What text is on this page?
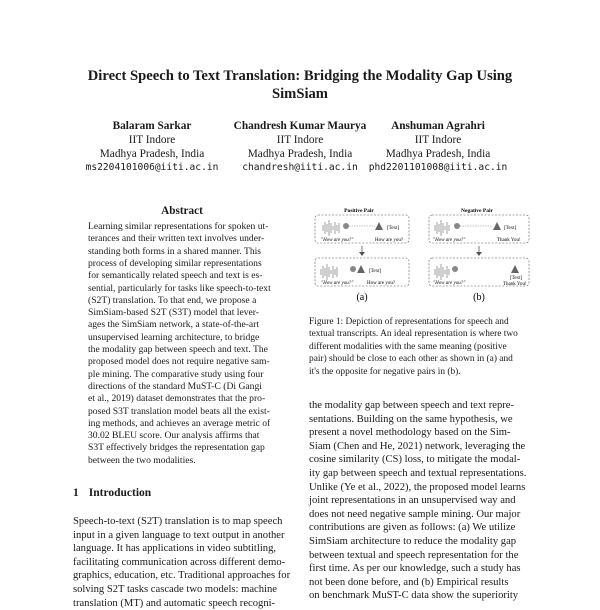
Direct Speech to Text Translation: Bridging the Modality Gap Using
SimSiam
Balaram Sarkar
IIT Indore
Madhya Pradesh, India
ms2204101006@iiti.ac.in
Chandresh Kumar Maurya
IIT Indore
Madhya Pradesh, India
chandresh@iiti.ac.in
Anshuman Agrahri
IIT Indore
Madhya Pradesh, India
phd2201101008@iiti.ac.in
Abstract
Learning similar representations for spoken ut-
terances and their written text involves under-
standing both forms in a shared manner. This
process of developing similar representations
for semantically related speech and text is es-
sential, particularly for tasks like speech-to-text
(S2T) translation. To that end, we propose a
SimSiam-based S2T (S3T) model that lever-
ages the SimSiam network, a state-of-the-art
unsupervised learning architecture, to bridge
the modality gap between speech and text. The
proposed model does not require negative sam-
ple mining. The comparative study using four
directions of the standard MuST-C (Di Gangi
et al., 2019) dataset demonstrates that the pro-
posed S3T translation model beats all the exist-
ing methods, and achieves an average metric of
30.02 BLEU score. Our analysis affirms that
S3T effectively bridges the representation gap
between the two modalities.
1 Introduction
Speech-to-text (S2T) translation is to map speech
input in a given language to text output in another
language. It has applications in video subtitling,
facilitating communication across different demo-
graphics, education, etc. Traditional approaches for
solving S2T tasks cascade two models: machine
translation (MT) and automatic speech recogni-
Positive Pair
[Text]
"How are you?"	How are you?
[Text]
"How are you?"	How are you?
(a)
Negative Pair
[Text]
"How are you?"	Thank You!
[Text]
"How are you?"	Thank You!
(b)
Figure 1: Depiction of representations for speech and
textual transcripts. An ideal representation is where two
different modalities with the same meaning (positive
pair) should be close to each other as shown in (a) and
it's the opposite for negative pairs in (b).
the modality gap between speech and text repre-
sentations. Building on the same hypothesis, we
present a novel methodology based on the Sim-
Siam (Chen and He, 2021) network, leveraging the
cosine similarity (CS) loss, to mitigate the modal-
ity gap between speech and textual representations.
Unlike (Ye et al., 2022), the proposed model learns
joint representations in an unsupervised way and
does not need negative sample mining. Our major
contributions are given as follows: (a) We utilize
SimSiam architecture to reduce the modality gap
between textual and speech representation for the
first time. As per our knowledge, such a study has
not been done before, and (b) Empirical results
on benchmark MuST-C data show the superiority
